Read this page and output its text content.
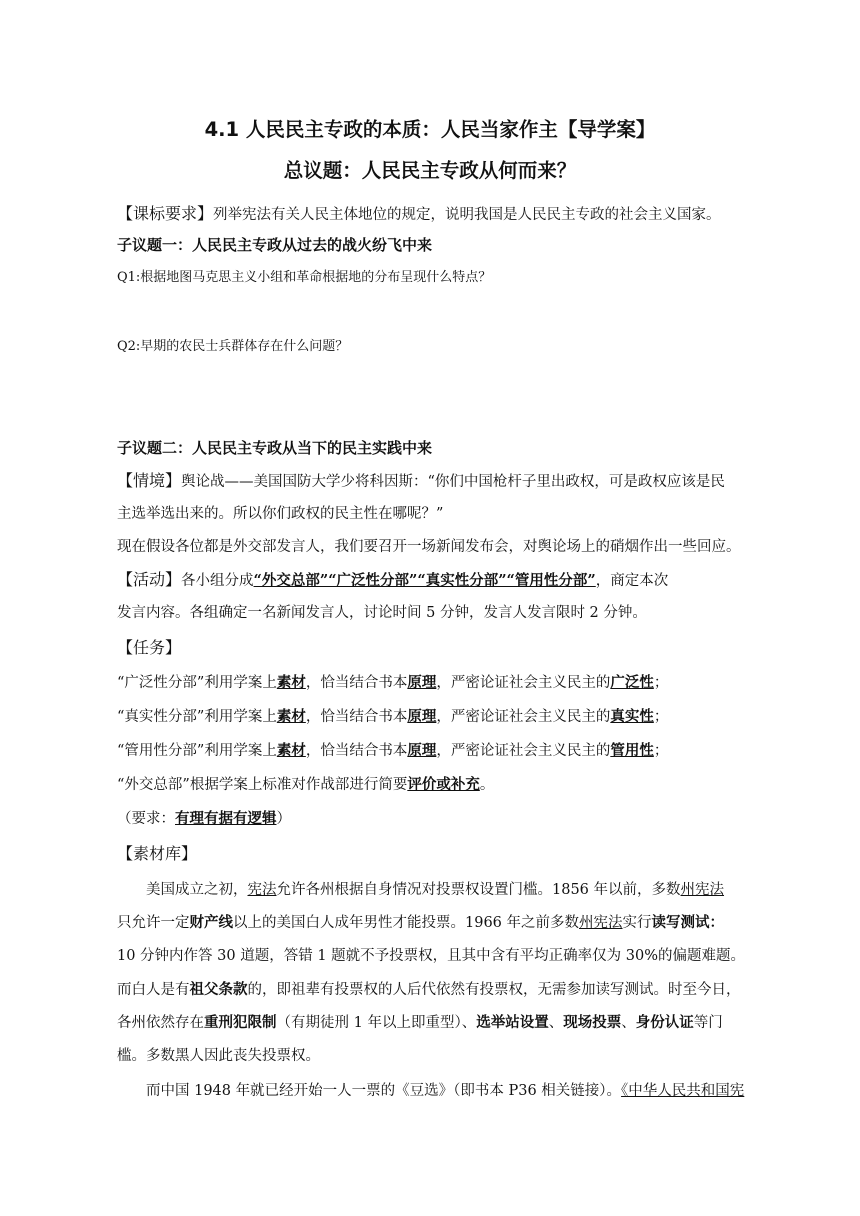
4.1 人民民主专政的本质：人民当家作主【导学案】
总议题：人民民主专政从何而来？
【课标要求】列举宪法有关人民主体地位的规定，说明我国是人民民主专政的社会主义国家。
子议题一：人民民主专政从过去的战火纷飞中来
Q1:根据地图马克思主义小组和革命根据地的分布呈现什么特点？
Q2:早期的农民士兵群体存在什么问题？
子议题二：人民民主专政从当下的民主实践中来
【情境】舆论战——美国国防大学少将科因斯：“你们中国枪杆子里出政权，可是政权应该是民
主选举选出来的。所以你们政权的民主性在哪呢？”
现在假设各位都是外交部发言人，我们要召开一场新闻发布会，对舆论场上的硝烟作出一些回应。
【活动】各小组分成“外交总部”“广泛性分部”“真实性分部”“管用性分部”，商定本次
发言内容。各组确定一名新闻发言人，讨论时间 5 分钟，发言人发言限时 2 分钟。
【任务】
“广泛性分部”利用学案上素材，恰当结合书本原理，严密论证社会主义民主的广泛性；
“真实性分部”利用学案上素材，恰当结合书本原理，严密论证社会主义民主的真实性；
“管用性分部”利用学案上素材，恰当结合书本原理，严密论证社会主义民主的管用性；
“外交总部”根据学案上标准对作战部进行简要评价或补充。
（要求：有理有据有逻辑）
【素材库】
美国成立之初，宪法允许各州根据自身情况对投票权设置门槛。1856 年以前，多数州宪法
只允许一定财产线以上的美国白人成年男性才能投票。1966 年之前多数州宪法实行读写测试：
10 分钟内作答 30 道题，答错 1 题就不予投票权，且其中含有平均正确率仅为 30%的偏题难题。
而白人是有祖父条款的，即祖辈有投票权的人后代依然有投票权，无需参加读写测试。时至今日，
各州依然存在重刑犯限制（有期徒刑 1 年以上即重型）、选举站设置、现场投票、身份认证等门
槛。多数黑人因此丧失投票权。
而中国 1948 年就已经开始一人一票的《豆选》（即书本 P36 相关链接）。《中华人民共和国宪
